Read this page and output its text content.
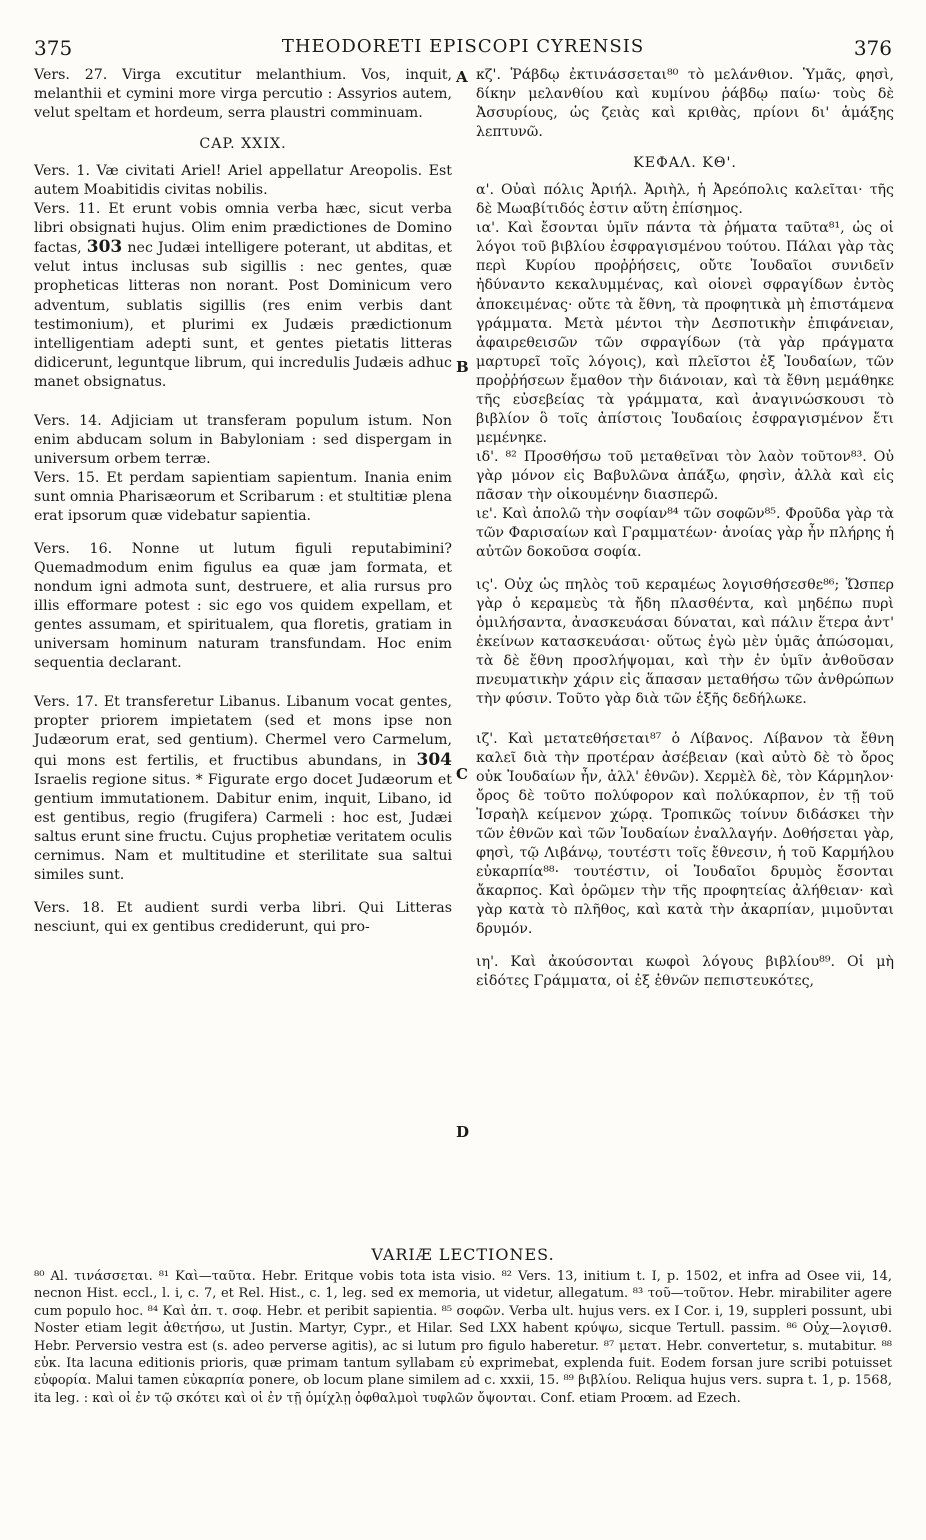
375	THEODORETI EPISCOPI CYRENSIS	376
A
B
C
D

Vers. 27. Virga excutitur melanthium. Vos, inquit, melanthii et cymini more virga percutio : Assyrios autem, velut speltam et hordeum, serra plaustri comminuam.

CAP. XXIX.

Vers. 1. Væ civitati Ariel! Ariel appellatur Areopolis. Est autem Moabitidis civitas nobilis.

Vers. 11. Et erunt vobis omnia verba hæc, sicut verba libri obsignati hujus. Olim enim prædictiones de Domino factas, 303 nec Judæi intelligere poterant, ut abditas, et velut intus inclusas sub sigillis : nec gentes, quæ propheticas litteras non norant. Post Dominicum vero adventum, sublatis sigillis (res enim verbis dant testimonium), et plurimi ex Judæis prædictionum intelligentiam adepti sunt, et gentes pietatis litteras didicerunt, leguntque librum, qui incredulis Judæis adhuc manet obsignatus.

Vers. 14. Adjiciam ut transferam populum istum. Non enim abducam solum in Babyloniam : sed dispergam in universum orbem terræ.

Vers. 15. Et perdam sapientiam sapientum. Inania enim sunt omnia Pharisæorum et Scribarum : et stultitiæ plena erat ipsorum quæ videbatur sapientia.

Vers. 16. Nonne ut lutum figuli reputabimini? Quemadmodum enim figulus ea quæ jam formata, et nondum igni admota sunt, destruere, et alia rursus pro illis efformare potest : sic ego vos quidem expellam, et gentes assumam, et spiritualem, qua floretis, gratiam in universam hominum naturam transfundam. Hoc enim sequentia declarant.

Vers. 17. Et transferetur Libanus. Libanum vocat gentes, propter priorem impietatem (sed et mons ipse non Judæorum erat, sed gentium). Chermel vero Carmelum, qui mons est fertilis, et fructibus abundans, in 304 Israelis regione situs. * Figurate ergo docet Judæorum et gentium immutationem. Dabitur enim, inquit, Libano, id est gentibus, regio (frugifera) Carmeli : hoc est, Judæi saltus erunt sine fructu. Cujus prophetiæ veritatem oculis cernimus. Nam et multitudine et sterilitate sua saltui similes sunt.

Vers. 18. Et audient surdi verba libri. Qui Litteras nesciunt, qui ex gentibus crediderunt, qui pro-

κζ'. Ῥάβδῳ ἐκτινάσσεται⁸⁰ τὸ μελάνθιον. Ὑμᾶς, φησὶ, δίκην μελανθίου καὶ κυμίνου ῥάβδῳ παίω· τοὺς δὲ Ἀσσυρίους, ὡς ζειὰς καὶ κριθὰς, πρίονι δι' ἁμάξης λεπτυνῶ.

ΚΕΦΑΛ. ΚΘ'.

α'. Οὐαὶ πόλις Ἀριήλ. Ἀριὴλ, ἡ Ἀρεόπολις καλεῖται· τῆς δὲ Μωαβίτιδός ἐστιν αὕτη ἐπίσημος.

ια'. Καὶ ἔσονται ὑμῖν πάντα τὰ ῥήματα ταῦτα⁸¹, ὡς οἱ λόγοι τοῦ βιβλίου ἐσφραγισμένου τούτου. Πάλαι γὰρ τὰς περὶ Κυρίου προῤῥήσεις, οὔτε Ἰουδαῖοι συνιδεῖν ἠδύναντο κεκαλυμμένας, καὶ οἱονεὶ σφραγίδων ἐντὸς ἀποκειμένας· οὔτε τὰ ἔθνη, τὰ προφητικὰ μὴ ἐπιστάμενα γράμματα. Μετὰ μέντοι τὴν Δεσποτικὴν ἐπιφάνειαν, ἀφαιρεθεισῶν τῶν σφραγίδων (τὰ γὰρ πράγματα μαρτυρεῖ τοῖς λόγοις), καὶ πλεῖστοι ἐξ Ἰουδαίων, τῶν προῤῥήσεων ἔμαθον τὴν διάνοιαν, καὶ τὰ ἔθνη μεμάθηκε τῆς εὐσεβείας τὰ γράμματα, καὶ ἀναγινώσκουσι τὸ βιβλίον ὃ τοῖς ἀπίστοις Ἰουδαίοις ἐσφραγισμένον ἔτι μεμένηκε.

ιδ'. ⁸² Προσθήσω τοῦ μεταθεῖναι τὸν λαὸν τοῦτον⁸³. Οὐ γὰρ μόνον εἰς Βαβυλῶνα ἀπάξω, φησὶν, ἀλλὰ καὶ εἰς πᾶσαν τὴν οἰκουμένην διασπερῶ.

ιε'. Καὶ ἀπολῶ τὴν σοφίαν⁸⁴ τῶν σοφῶν⁸⁵. Φροῦδα γὰρ τὰ τῶν Φαρισαίων καὶ Γραμματέων· ἀνοίας γὰρ ἦν πλήρης ἡ αὐτῶν δοκοῦσα σοφία.

ις'. Οὐχ ὡς πηλὸς τοῦ κεραμέως λογισθήσεσθε⁸⁶; Ὥσπερ γὰρ ὁ κεραμεὺς τὰ ἤδη πλασθέντα, καὶ μηδέπω πυρὶ ὁμιλήσαντα, ἀνασκευάσαι δύναται, καὶ πάλιν ἕτερα ἀντ' ἐκείνων κατασκευάσαι· οὕτως ἐγὼ μὲν ὑμᾶς ἀπώσομαι, τὰ δὲ ἔθνη προσλήψομαι, καὶ τὴν ἐν ὑμῖν ἀνθοῦσαν πνευματικὴν χάριν εἰς ἅπασαν μεταθήσω τῶν ἀνθρώπων τὴν φύσιν. Τοῦτο γὰρ διὰ τῶν ἑξῆς δεδήλωκε.

ιζ'. Καὶ μετατεθήσεται⁸⁷ ὁ Λίβανος. Λίβανον τὰ ἔθνη καλεῖ διὰ τὴν προτέραν ἀσέβειαν (καὶ αὐτὸ δὲ τὸ ὄρος οὐκ Ἰουδαίων ἦν, ἀλλ' ἐθνῶν). Χερμὲλ δὲ, τὸν Κάρμηλον· ὄρος δὲ τοῦτο πολύφορον καὶ πολύκαρπον, ἐν τῇ τοῦ Ἰσραὴλ κείμενον χώρᾳ. Τροπικῶς τοίνυν διδάσκει τὴν τῶν ἐθνῶν καὶ τῶν Ἰουδαίων ἐναλλαγήν. Δοθήσεται γὰρ, φησὶ, τῷ Λιβάνῳ, τουτέστι τοῖς ἔθνεσιν, ἡ τοῦ Καρμήλου εὐκαρπία⁸⁸· τουτέστιν, οἱ Ἰουδαῖοι δρυμὸς ἔσονται ἄκαρπος. Καὶ ὁρῶμεν τὴν τῆς προφητείας ἀλήθειαν· καὶ γὰρ κατὰ τὸ πλῆθος, καὶ κατὰ τὴν ἀκαρπίαν, μιμοῦνται δρυμόν.

ιη'. Καὶ ἀκούσονται κωφοὶ λόγους βιβλίου⁸⁹. Οἱ μὴ εἰδότες Γράμματα, οἱ ἐξ ἐθνῶν πεπιστευκότες,

VARIÆ LECTIONES.
⁸⁰ Al. τινάσσεται. ⁸¹ Καὶ—ταῦτα. Hebr. Eritque vobis tota ista visio. ⁸² Vers. 13, initium t. I, p. 1502, et infra ad Osee vii, 14, necnon Hist. eccl., l. i, c. 7, et Rel. Hist., c. 1, leg. sed ex memoria, ut videtur, allegatum. ⁸³ τοῦ—τοῦτον. Hebr. mirabiliter agere cum populo hoc. ⁸⁴ Καὶ ἀπ. τ. σοφ. Hebr. et peribit sapientia. ⁸⁵ σοφῶν. Verba ult. hujus vers. ex I Cor. i, 19, suppleri possunt, ubi Noster etiam legit ἀθετήσω, ut Justin. Martyr, Cypr., et Hilar. Sed LXX habent κρύψω, sicque Tertull. passim. ⁸⁶ Οὐχ—λογισθ. Hebr. Perversio vestra est (s. adeo perverse agitis), ac si lutum pro figulo haberetur. ⁸⁷ μετατ. Hebr. convertetur, s. mutabitur. ⁸⁸ εὐκ. Ita lacuna editionis prioris, quæ primam tantum syllabam εὐ exprimebat, explenda fuit. Eodem forsan jure scribi potuisset εὐφορία. Malui tamen εὐκαρπία ponere, ob locum plane similem ad c. xxxii, 15. ⁸⁹ βιβλίου. Reliqua hujus vers. supra t. 1, p. 1568, ita leg. : καὶ οἱ ἐν τῷ σκότει καὶ οἱ ἐν τῇ ὁμίχλῃ ὀφθαλμοὶ τυφλῶν ὄψονται. Conf. etiam Proœm. ad Ezech.
